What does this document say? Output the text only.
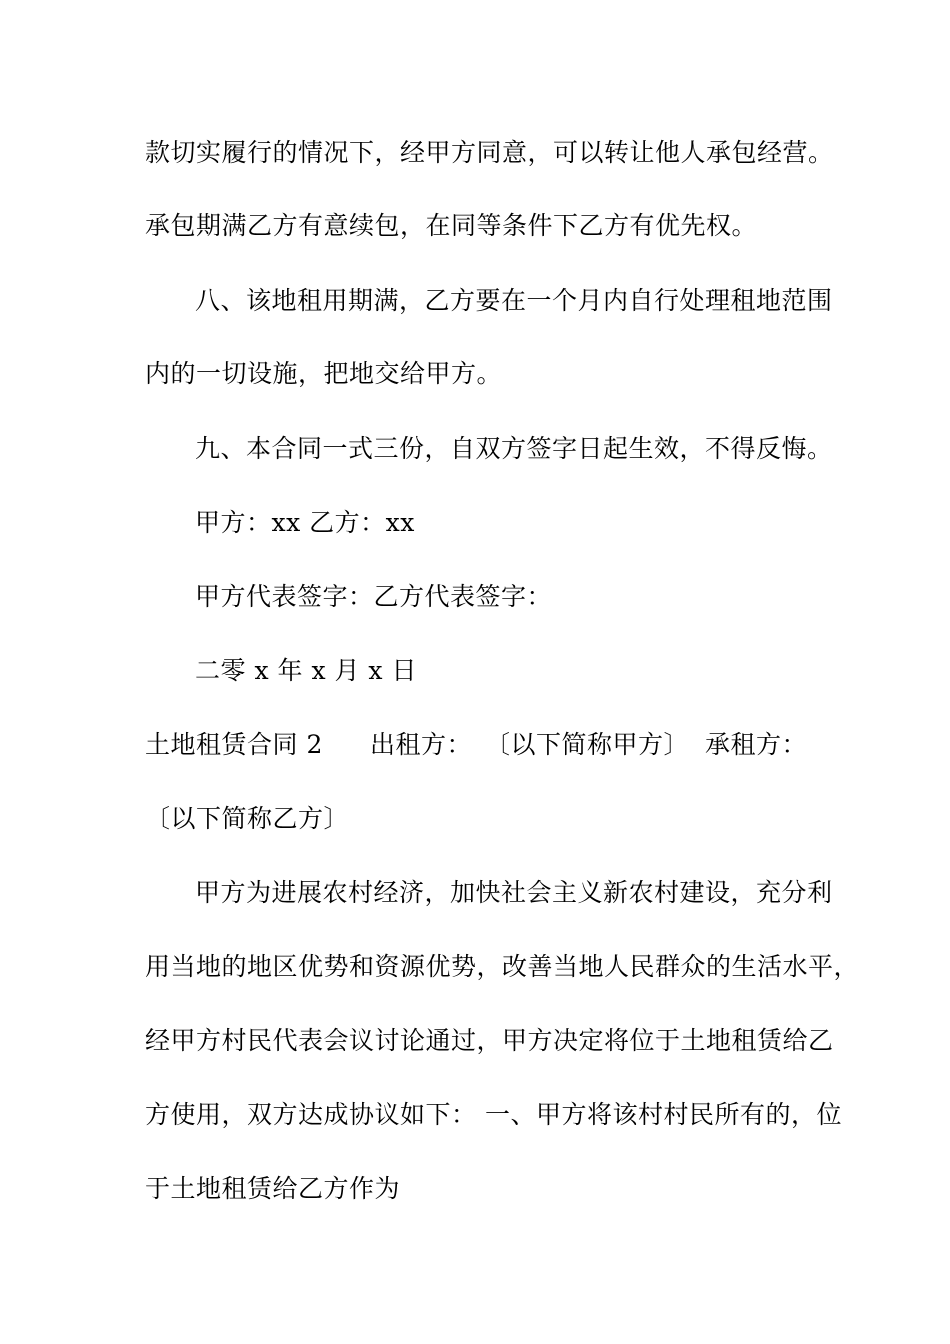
款切实履行的情况下，经甲方同意，可以转让他人承包经营。
承包期满乙方有意续包，在同等条件下乙方有优先权。
八、该地租用期满，乙方要在一个月内自行处理租地范围
内的一切设施，把地交给甲方。
九、本合同一式三份，自双方签字日起生效，不得反悔。
甲方：xx 乙方：xx
甲方代表签字：乙方代表签字：
二零 x 年 x 月 x 日
土地租赁合同 2 出租方： 〔以下简称甲方〕 承租方：
〔以下简称乙方〕
甲方为进展农村经济，加快社会主义新农村建设，充分利
用当地的地区优势和资源优势，改善当地人民群众的生活水平，
经甲方村民代表会议讨论通过，甲方决定将位于土地租赁给乙
方使用，双方达成协议如下： 一、甲方将该村村民所有的，位
于土地租赁给乙方作为
